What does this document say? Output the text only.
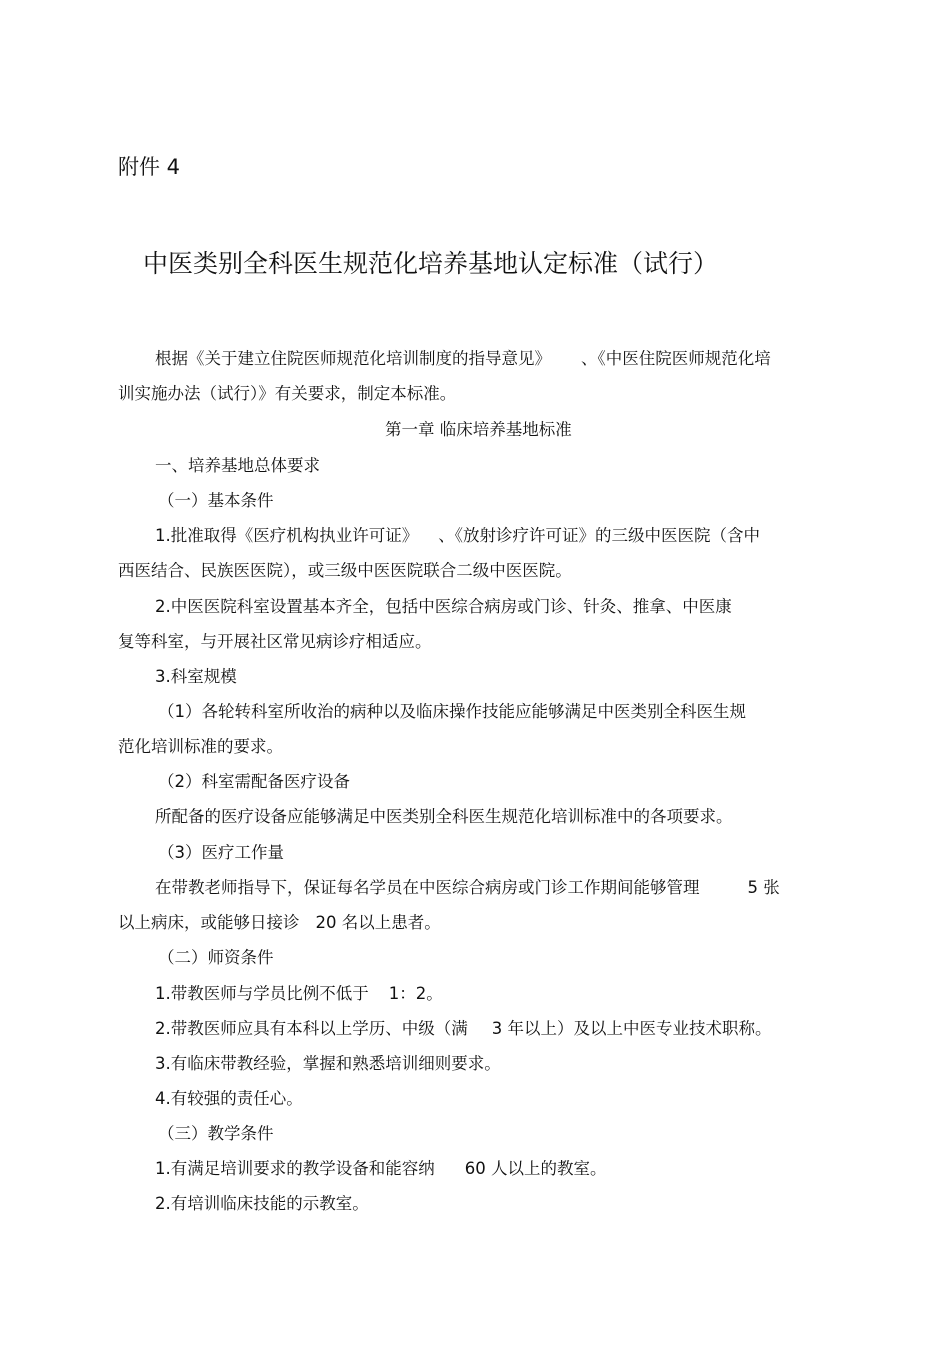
附件 4
中医类别全科医生规范化培养基地认定标准（试行）
根据《关于建立住院医师规范化培训制度的指导意见》 、《中医住院医师规范化培
训实施办法（试行）》有关要求，制定本标准。
第一章 临床培养基地标准
一、培养基地总体要求
（一）基本条件
1.批准取得《医疗机构执业许可证》 、《放射诊疗许可证》的三级中医医院（含中
西医结合、民族医医院），或三级中医医院联合二级中医医院。
2.中医医院科室设置基本齐全，包括中医综合病房或门诊、针灸、推拿、中医康
复等科室，与开展社区常见病诊疗相适应。
3.科室规模
（1）各轮转科室所收治的病种以及临床操作技能应能够满足中医类别全科医生规
范化培训标准的要求。
（2）科室需配备医疗设备
所配备的医疗设备应能够满足中医类别全科医生规范化培训标准中的各项要求。
（3）医疗工作量
在带教老师指导下，保证每名学员在中医综合病房或门诊工作期间能够管理	5 张
以上病床，或能够日接诊 20 名以上患者。
（二）师资条件
1.带教医师与学员比例不低于 1：2。
2.带教医师应具有本科以上学历、中级（满 3 年以上）及以上中医专业技术职称。
3.有临床带教经验，掌握和熟悉培训细则要求。
4.有较强的责任心。
（三）教学条件
1.有满足培训要求的教学设备和能容纳 60 人以上的教室。
2.有培训临床技能的示教室。
